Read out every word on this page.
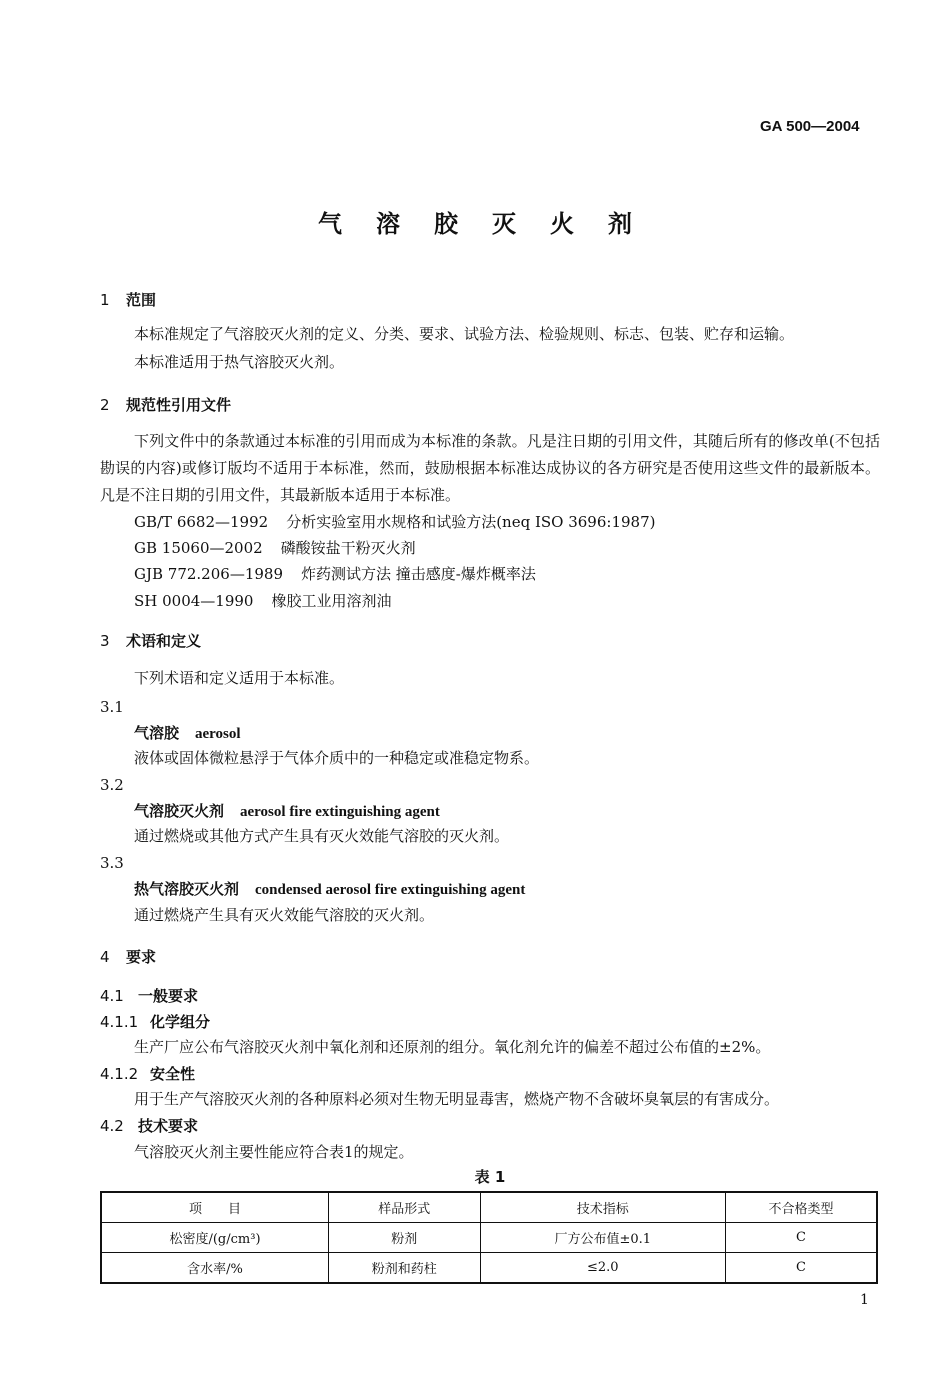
GA 500—2004
气溶胶灭火剂
1 范围
本标准规定了气溶胶灭火剂的定义、分类、要求、试验方法、检验规则、标志、包装、贮存和运输。
本标准适用于热气溶胶灭火剂。
2 规范性引用文件
下列文件中的条款通过本标准的引用而成为本标准的条款。凡是注日期的引用文件，其随后所有的修改单(不包括勘误的内容)或修订版均不适用于本标准，然而，鼓励根据本标准达成协议的各方研究是否使用这些文件的最新版本。凡是不注日期的引用文件，其最新版本适用于本标准。
GB/T 6682—1992 分析实验室用水规格和试验方法(neq ISO 3696:1987)
GB 15060—2002 磷酸铵盐干粉灭火剂
GJB 772.206—1989 炸药测试方法 撞击感度-爆炸概率法
SH 0004—1990 橡胶工业用溶剂油
3 术语和定义
下列术语和定义适用于本标准。
3.1
气溶胶 aerosol
液体或固体微粒悬浮于气体介质中的一种稳定或准稳定物系。
3.2
气溶胶灭火剂 aerosol fire extinguishing agent
通过燃烧或其他方式产生具有灭火效能气溶胶的灭火剂。
3.3
热气溶胶灭火剂 condensed aerosol fire extinguishing agent
通过燃烧产生具有灭火效能气溶胶的灭火剂。
4 要求
4.1 一般要求
4.1.1 化学组分
生产厂应公布气溶胶灭火剂中氧化剂和还原剂的组分。氧化剂允许的偏差不超过公布值的±2%。
4.1.2 安全性
用于生产气溶胶灭火剂的各种原料必须对生物无明显毒害，燃烧产物不含破坏臭氧层的有害成分。
4.2 技术要求
气溶胶灭火剂主要性能应符合表1的规定。
表 1
项　　目	样品形式	技术指标	不合格类型
松密度/(g/cm³)	粉剂	厂方公布值±0.1	C
含水率/%	粉剂和药柱	≤2.0	C
1
